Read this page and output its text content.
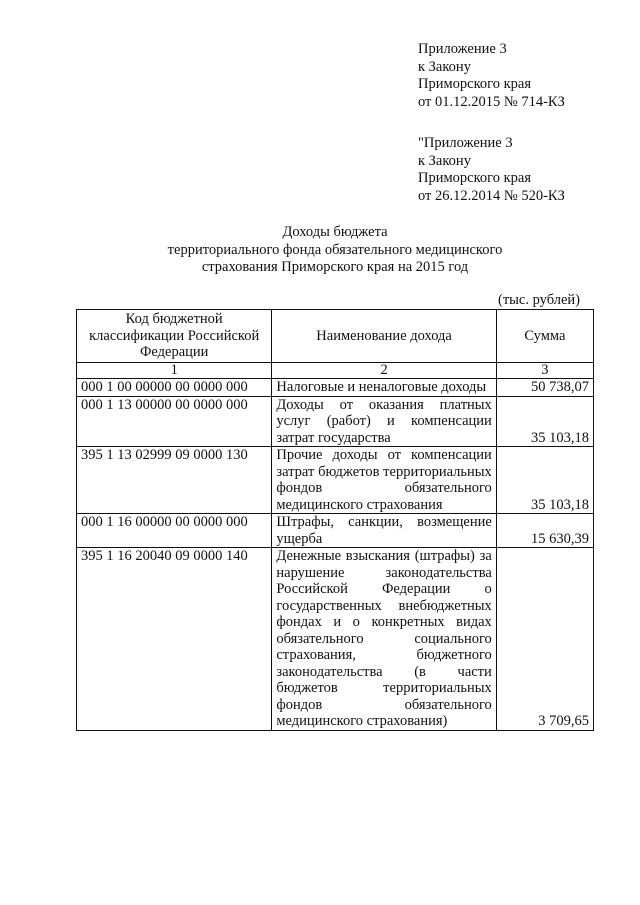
Приложение 3
к Закону
Приморского края
от 01.12.2015 № 714-КЗ
"Приложение 3
к Закону
Приморского края
от 26.12.2014 № 520-КЗ
Доходы бюджета
территориального фонда обязательного медицинского
страхования Приморского края на 2015 год
(тыс. рублей)
Код бюджетной классификации Российской Федерации	Наименование дохода	Сумма
1	2	3
000 1 00 00000 00 0000 000	Налоговые и неналоговые доходы	50 738,07
000 1 13 00000 00 0000 000	Доходы от оказания платных услуг (работ) и компенсации затрат государства	35 103,18
395 1 13 02999 09 0000 130	Прочие доходы от компенсации затрат бюджетов территориальных фондов обязательного медицинского страхования	35 103,18
000 1 16 00000 00 0000 000	Штрафы, санкции, возмещение ущерба	15 630,39
395 1 16 20040 09 0000 140	Денежные взыскания (штрафы) за нарушение законодательства Российской Федерации о государственных внебюджетных фондах и о конкретных видах обязательного социального страхования, бюджетного законодательства (в части бюджетов территориальных фондов обязательного медицинского страхования)	3 709,65
